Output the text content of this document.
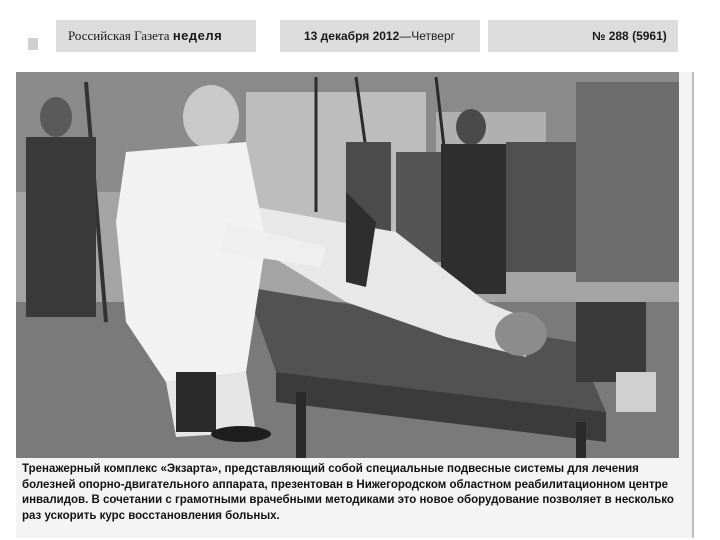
Российская Газета неделя	13 декабря 2012—Четверг	№ 288 (5961)
Тренажерный комплекс «Экзарта», представляющий собой специальные подвесные системы для лечения болезней опорно-двигательного аппарата, презентован в Нижегородском областном реабилитационном центре инвалидов. В сочетании с грамотными врачебными методиками это новое оборудование позволяет в несколько раз ускорить курс восстановления больных.
